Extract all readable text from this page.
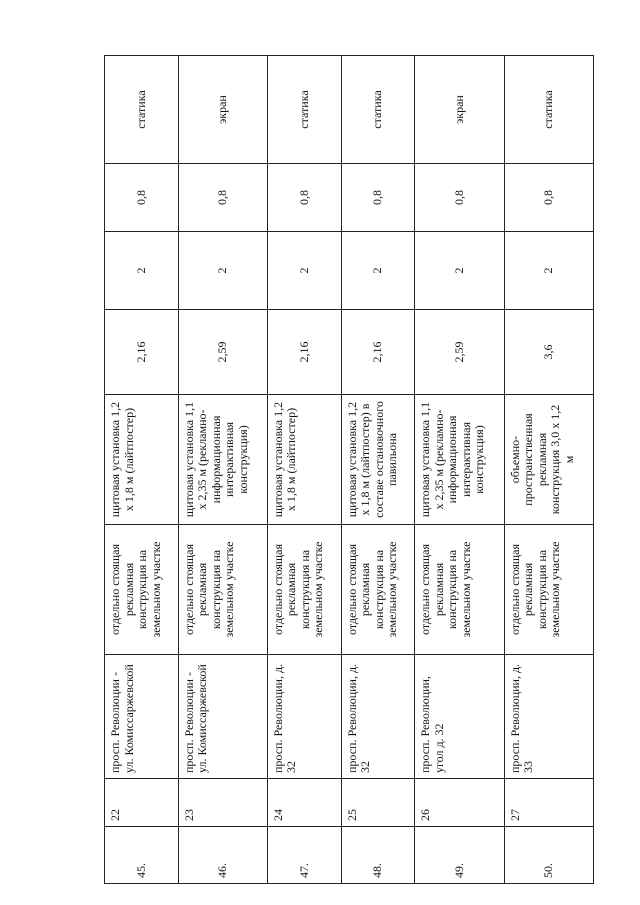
45.	22	просп. Революции - ул. Комиссаржевской	отдельно стоящая рекламная конструкция на земельном участке	щитовая установка 1,2 х 1,8 м (лайтпостер)	2,16	2	0,8	статика
46.	23	просп. Революции - ул. Комиссаржевской	отдельно стоящая рекламная конструкция на земельном участке	щитовая установка 1,1 х 2,35 м (рекламно-информационная интерактивная конструкция)	2,59	2	0,8	экран
47.	24	просп. Революции, д. 32	отдельно стоящая рекламная конструкция на земельном участке	щитовая установка 1,2 х 1,8 м (лайтпостер)	2,16	2	0,8	статика
48.	25	просп. Революции, д. 32	отдельно стоящая рекламная конструкция на земельном участке	щитовая установка 1,2 х 1,8 м (лайтпостер) в составе остановочного павильона	2,16	2	0,8	статика
49.	26	просп. Революции, угол д. 32	отдельно стоящая рекламная конструкция на земельном участке	щитовая установка 1,1 х 2,35 м (рекламно-информационная интерактивная конструкция)	2,59	2	0,8	экран
50.	27	просп. Революции, д. 33	отдельно стоящая рекламная конструкция на земельном участке	объемно-пространственная рекламная конструкция 3,0 х 1,2 м	3,6	2	0,8	статика
